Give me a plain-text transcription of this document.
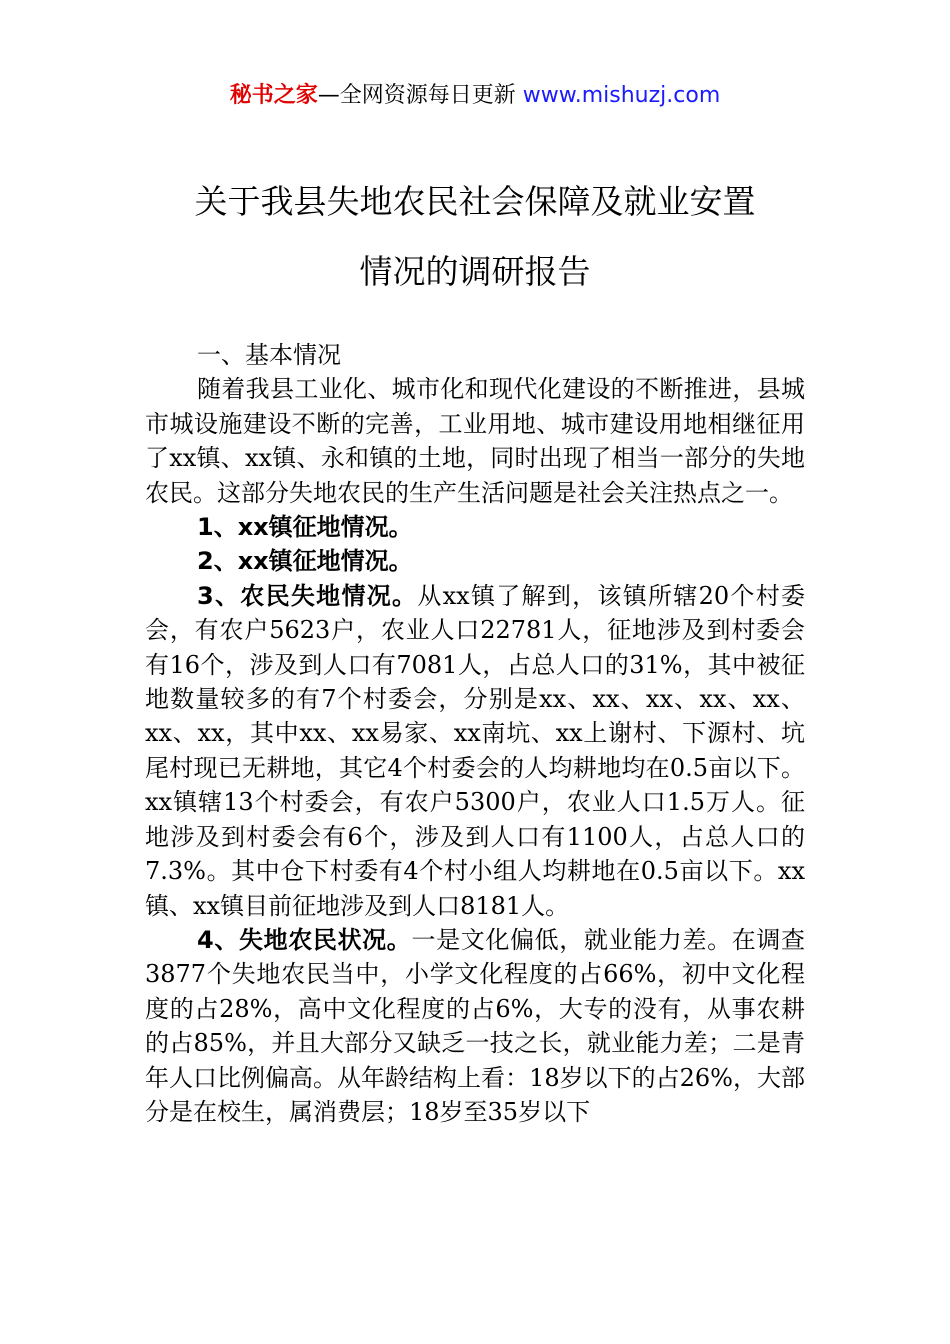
秘书之家—全网资源每日更新 www.mishuzj.com
关于我县失地农民社会保障及就业安置
情况的调研报告

一、基本情况

随着我县工业化、城市化和现代化建设的不断推进，县城市城设施建设不断的完善，工业用地、城市建设用地相继征用了xx镇、xx镇、永和镇的土地，同时出现了相当一部分的失地农民。这部分失地农民的生产生活问题是社会关注热点之一。

1、xx镇征地情况。

2、xx镇征地情况。

3、农民失地情况。从xx镇了解到，该镇所辖20个村委会，有农户5623户，农业人口22781人，征地涉及到村委会有16个，涉及到人口有7081人，占总人口的31%，其中被征地数量较多的有7个村委会，分别是xx、xx、xx、xx、xx、xx、xx，其中xx、xx易家、xx南坑、xx上谢村、下源村、坑尾村现已无耕地，其它4个村委会的人均耕地均在0.5亩以下。xx镇辖13个村委会，有农户5300户，农业人口1.5万人。征地涉及到村委会有6个，涉及到人口有1100人，占总人口的7.3%。其中仓下村委有4个村小组人均耕地在0.5亩以下。xx镇、xx镇目前征地涉及到人口8181人。

4、失地农民状况。一是文化偏低，就业能力差。在调查3877个失地农民当中，小学文化程度的占66%，初中文化程度的占28%，高中文化程度的占6%，大专的没有，从事农耕的占85%，并且大部分又缺乏一技之长，就业能力差；二是青年人口比例偏高。从年龄结构上看：18岁以下的占26%，大部分是在校生，属消费层；18岁至35岁以下
